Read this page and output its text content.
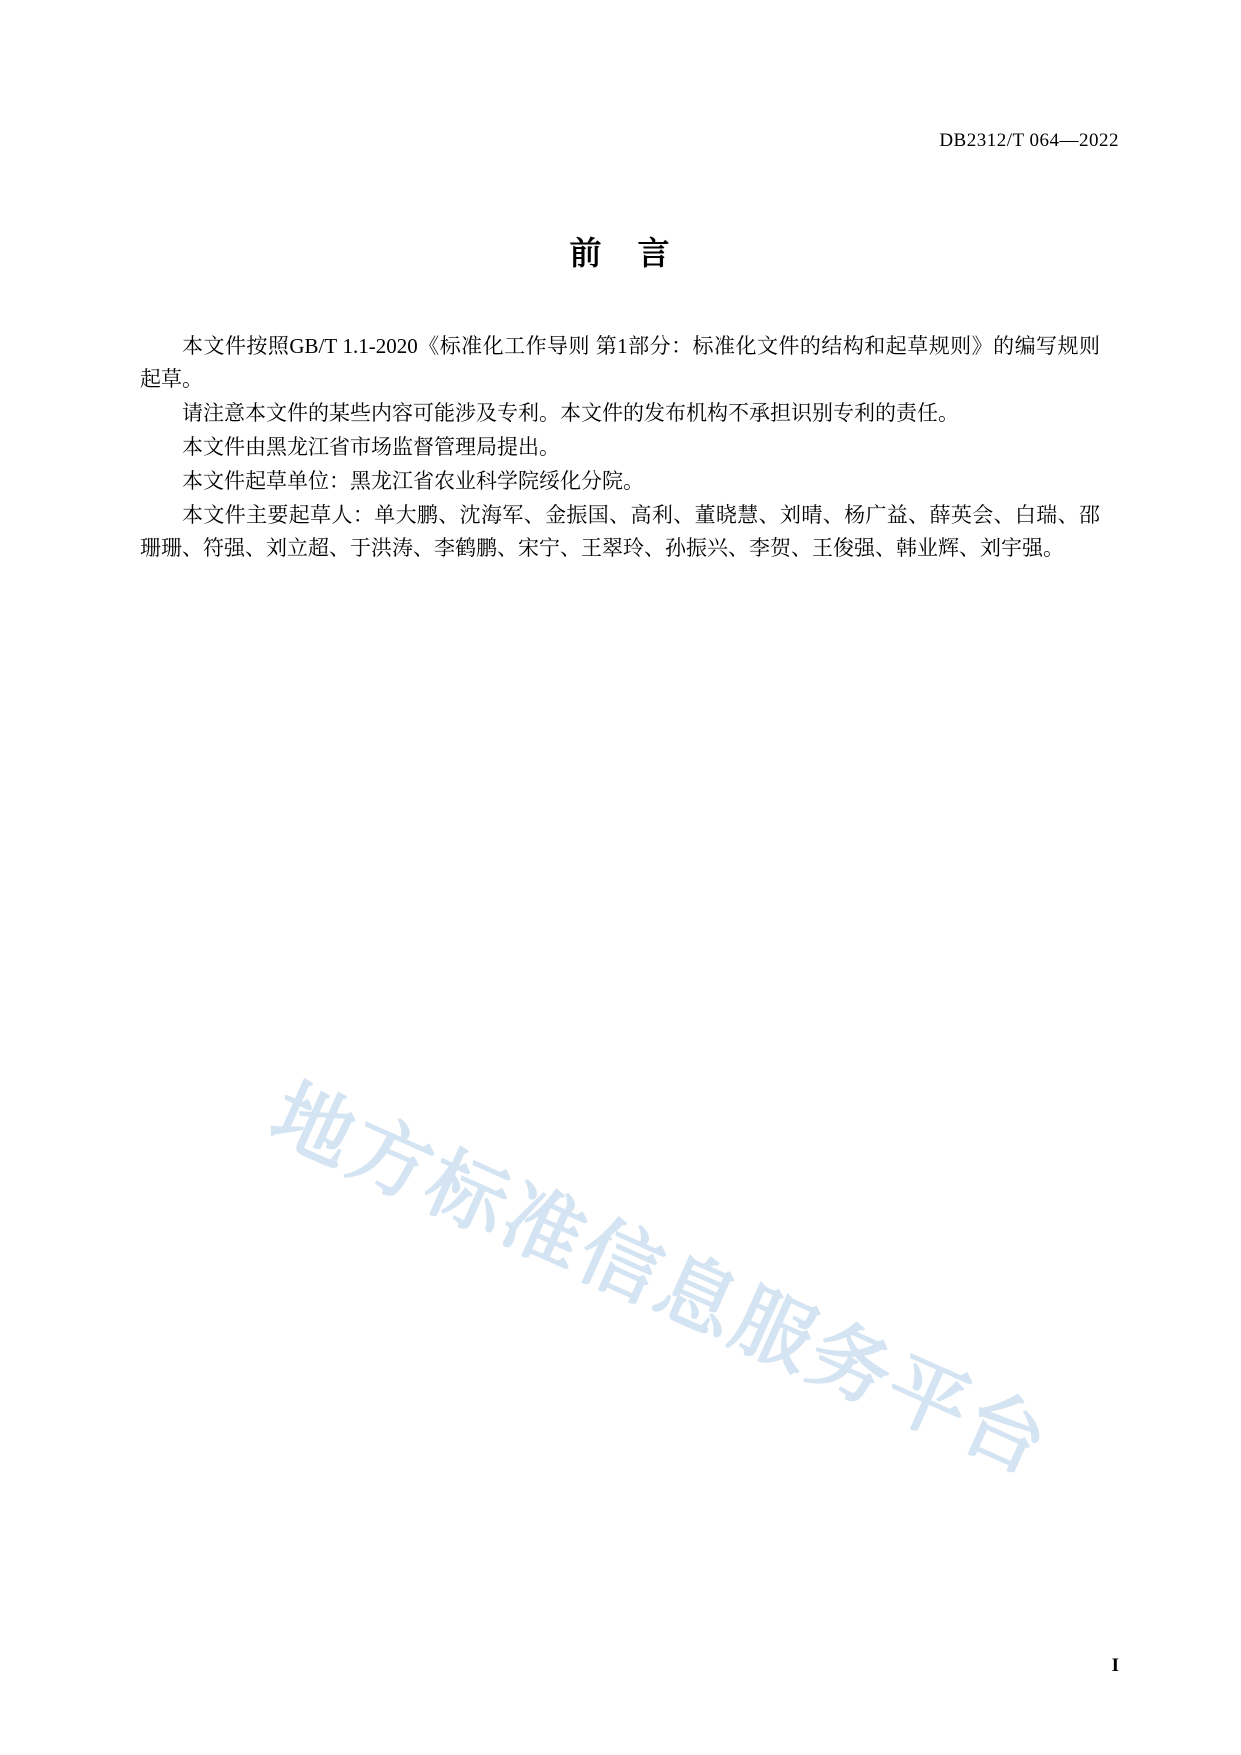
DB2312/T 064—2022
前 言

本文件按照GB/T 1.1-2020《标准化工作导则 第1部分：标准化文件的结构和起草规则》的编写规则起草。

请注意本文件的某些内容可能涉及专利。本文件的发布机构不承担识别专利的责任。

本文件由黑龙江省市场监督管理局提出。

本文件起草单位：黑龙江省农业科学院绥化分院。

本文件主要起草人：单大鹏、沈海军、金振国、高利、董晓慧、刘晴、杨广益、薛英会、白瑞、邵珊珊、符强、刘立超、于洪涛、李鹤鹏、宋宁、王翠玲、孙振兴、李贺、王俊强、韩业辉、刘宇强。

地方标准信息服务平台
I
